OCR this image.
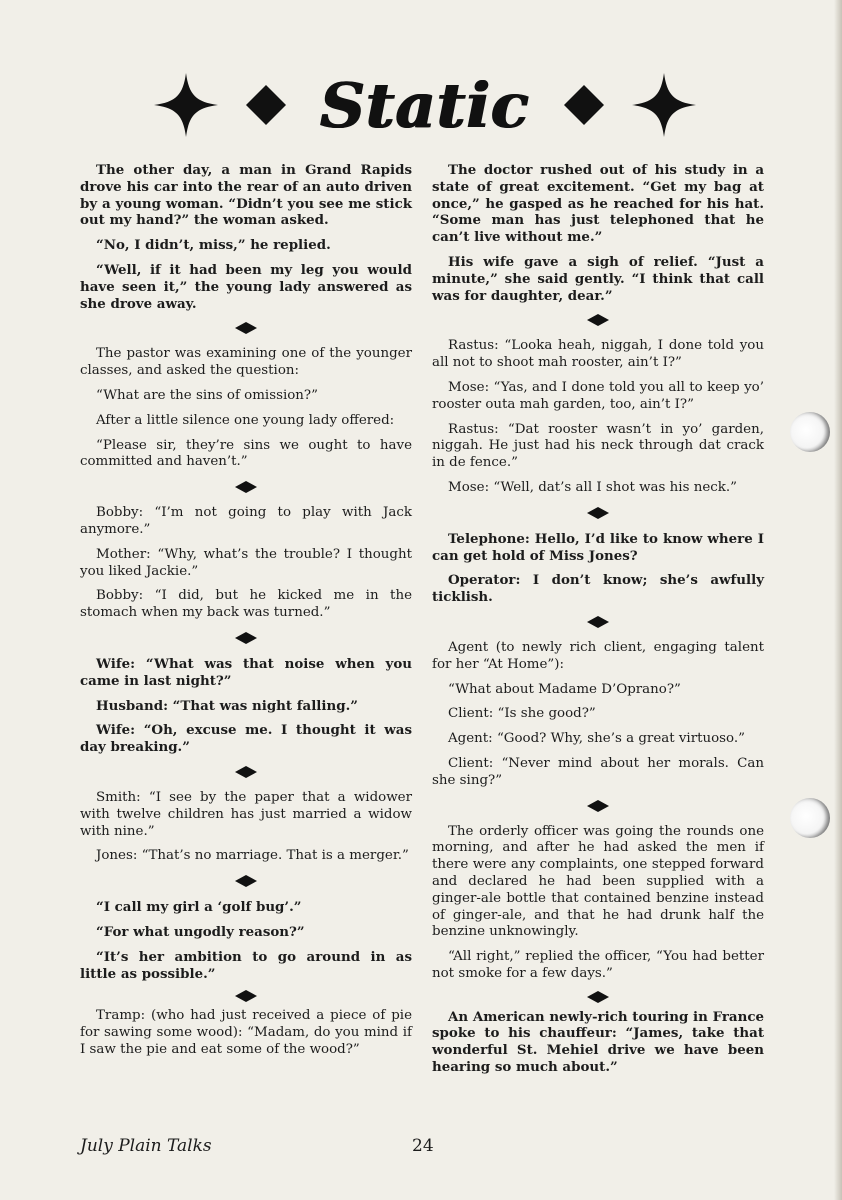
Static

The other day, a man in Grand Rapids drove his car into the rear of an auto driven by a young woman. “Didn’t you see me stick out my hand?” the woman asked.

“No, I didn’t, miss,” he replied.

“Well, if it had been my leg you would have seen it,” the young lady answered as she drove away.

The pastor was examining one of the younger classes, and asked the question:

“What are the sins of omission?”

After a little silence one young lady offered:

“Please sir, they’re sins we ought to have committed and haven’t.”

Bobby: “I’m not going to play with Jack anymore.”

Mother: “Why, what’s the trouble? I thought you liked Jackie.”

Bobby: “I did, but he kicked me in the stomach when my back was turned.”

Wife: “What was that noise when you came in last night?”

Husband: “That was night falling.”

Wife: “Oh, excuse me. I thought it was day breaking.”

Smith: “I see by the paper that a widower with twelve children has just married a widow with nine.”

Jones: “That’s no marriage. That is a merger.”

“I call my girl a ‘golf bug’.”

“For what ungodly reason?”

“It’s her ambition to go around in as little as possible.”

Tramp: (who had just received a piece of pie for sawing some wood): “Madam, do you mind if I saw the pie and eat some of the wood?”

The doctor rushed out of his study in a state of great excitement. “Get my bag at once,” he gasped as he reached for his hat. “Some man has just telephoned that he can’t live without me.”

His wife gave a sigh of relief. “Just a minute,” she said gently. “I think that call was for daughter, dear.”

Rastus: “Looka heah, niggah, I done told you all not to shoot mah rooster, ain’t I?”

Mose: “Yas, and I done told you all to keep yo’ rooster outa mah garden, too, ain’t I?”

Rastus: “Dat rooster wasn’t in yo’ garden, niggah. He just had his neck through dat crack in de fence.”

Mose: “Well, dat’s all I shot was his neck.”

Telephone: Hello, I’d like to know where I can get hold of Miss Jones?

Operator: I don’t know; she’s awfully ticklish.

Agent (to newly rich client, engaging talent for her “At Home”):

“What about Madame D’Oprano?”

Client: “Is she good?”

Agent: “Good? Why, she’s a great virtuoso.”

Client: “Never mind about her morals. Can she sing?”

The orderly officer was going the rounds one morning, and after he had asked the men if there were any complaints, one stepped forward and declared he had been supplied with a ginger-ale bottle that contained benzine instead of ginger-ale, and that he had drunk half the benzine unknowingly.

“All right,” replied the officer, “You had better not smoke for a few days.”

An American newly-rich touring in France spoke to his chauffeur: “James, take that wonderful St. Mehiel drive we have been hearing so much about.”

July Plain Talks	24
